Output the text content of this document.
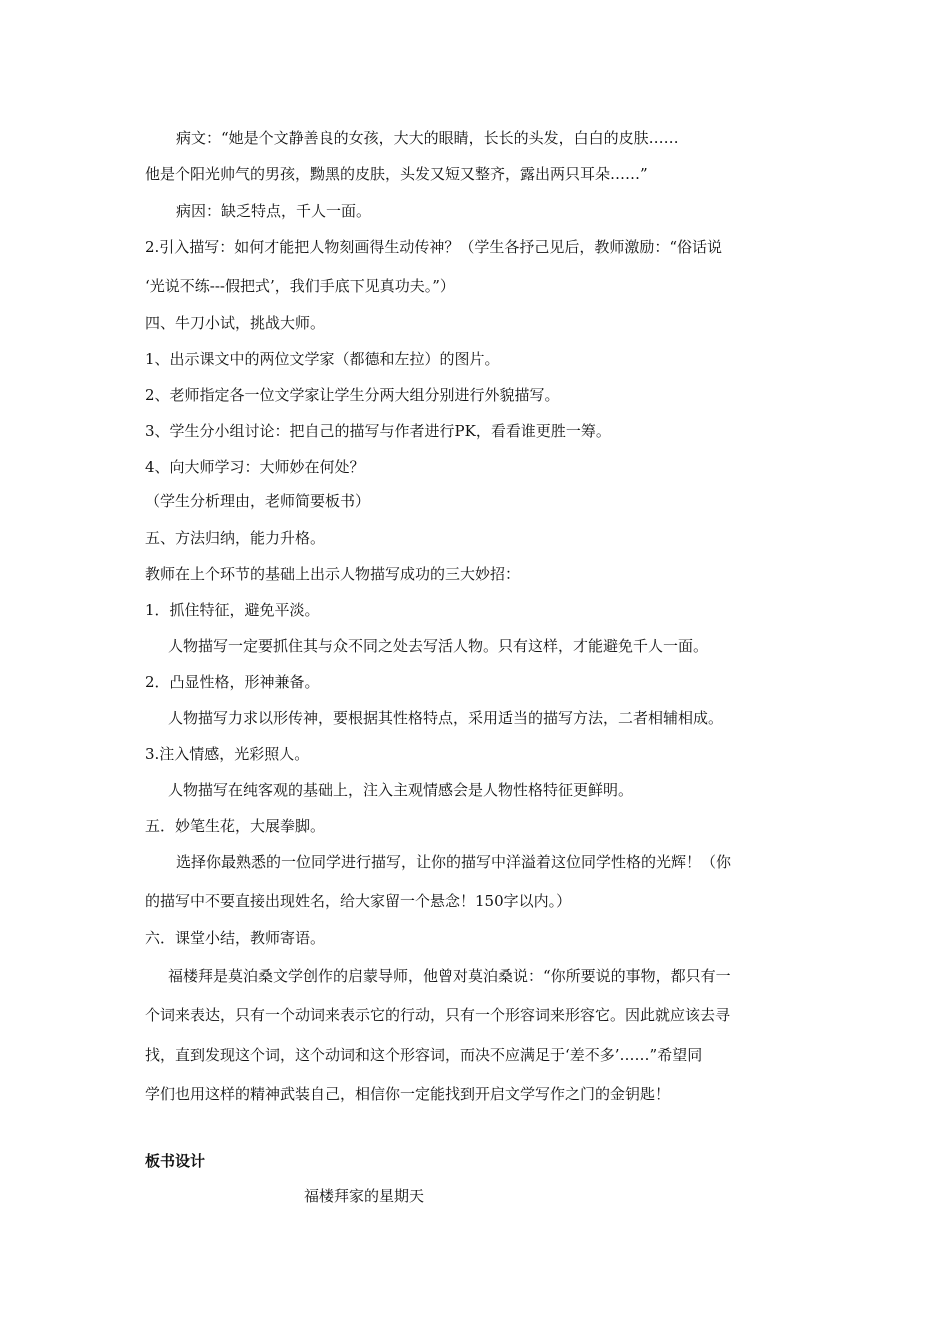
病文：“她是个文静善良的女孩，大大的眼睛，长长的头发，白白的皮肤……
他是个阳光帅气的男孩，黝黑的皮肤，头发又短又整齐，露出两只耳朵……”
病因：缺乏特点，千人一面。
2.引入描写：如何才能把人物刻画得生动传神？（学生各抒己见后，教师激励：“俗话说
‘光说不练---假把式’，我们手底下见真功夫。”）
四、牛刀小试，挑战大师。
1、出示课文中的两位文学家（都德和左拉）的图片。
2、老师指定各一位文学家让学生分两大组分别进行外貌描写。
3、学生分小组讨论：把自己的描写与作者进行PK，看看谁更胜一筹。
4、向大师学习：大师妙在何处？
（学生分析理由，老师简要板书）
五、方法归纳，能力升格。
教师在上个环节的基础上出示人物描写成功的三大妙招：
1．抓住特征，避免平淡。
人物描写一定要抓住其与众不同之处去写活人物。只有这样，才能避免千人一面。
2．凸显性格，形神兼备。
人物描写力求以形传神，要根据其性格特点，采用适当的描写方法，二者相辅相成。
3.注入情感，光彩照人。
人物描写在纯客观的基础上，注入主观情感会是人物性格特征更鲜明。
五．妙笔生花，大展拳脚。
选择你最熟悉的一位同学进行描写，让你的描写中洋溢着这位同学性格的光辉！（你
的描写中不要直接出现姓名，给大家留一个悬念！150字以内。）
六．课堂小结，教师寄语。
福楼拜是莫泊桑文学创作的启蒙导师，他曾对莫泊桑说：“你所要说的事物，都只有一
个词来表达，只有一个动词来表示它的行动，只有一个形容词来形容它。因此就应该去寻
找，直到发现这个词，这个动词和这个形容词，而决不应满足于‘差不多’……”希望同
学们也用这样的精神武装自己，相信你一定能找到开启文学写作之门的金钥匙！
板书设计
福楼拜家的星期天
